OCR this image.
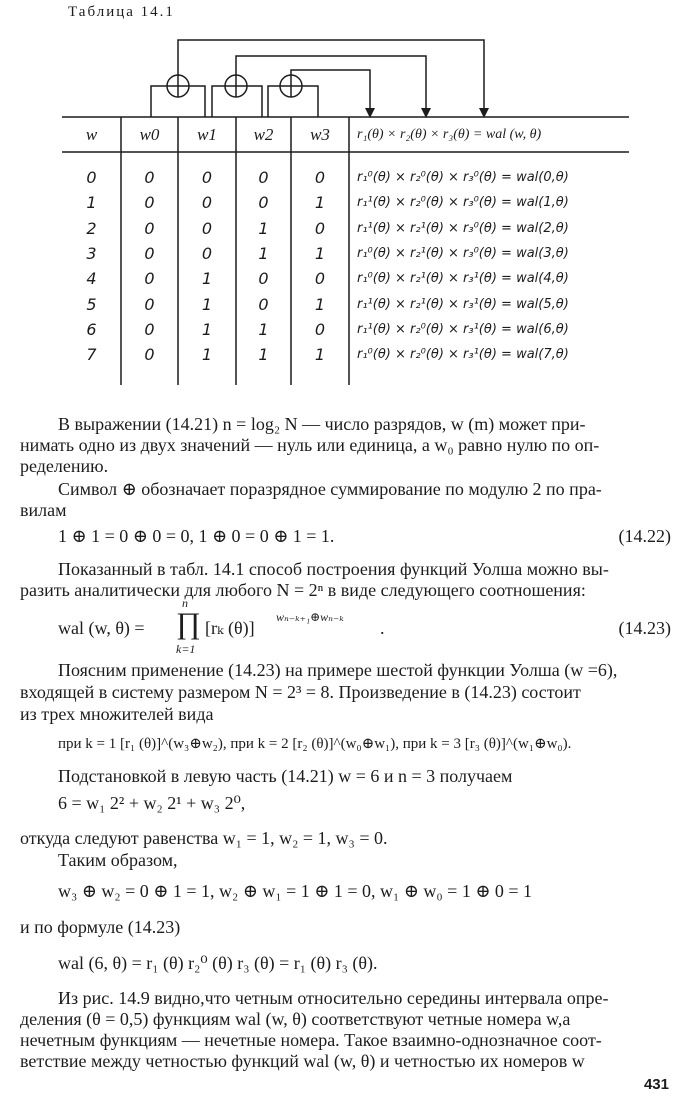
Таблица 14.1
w	w0	w1	w2	w3	r₁(θ) × r₂(θ) × r₃(θ) = wal (w, θ)
0	0	0	0	0	r₁⁰(θ) × r₂⁰(θ) × r₃⁰(θ) = wal(0,θ)
1	0	0	0	1	r₁¹(θ) × r₂⁰(θ) × r₃⁰(θ) = wal(1,θ)
2	0	0	1	0	r₁¹(θ) × r₂¹(θ) × r₃⁰(θ) = wal(2,θ)
3	0	0	1	1	r₁⁰(θ) × r₂¹(θ) × r₃⁰(θ) = wal(3,θ)
4	0	1	0	0	r₁⁰(θ) × r₂¹(θ) × r₃¹(θ) = wal(4,θ)
5	0	1	0	1	r₁¹(θ) × r₂¹(θ) × r₃¹(θ) = wal(5,θ)
6	0	1	1	0	r₁¹(θ) × r₂⁰(θ) × r₃¹(θ) = wal(6,θ)
7	0	1	1	1	r₁⁰(θ) × r₂⁰(θ) × r₃¹(θ) = wal(7,θ)
В выражении (14.21) n = log₂ N — число разрядов, w (m) может при-
нимать одно из двух значений — нуль или единица, а w₀ равно нулю по оп-
ределению.
Символ ⊕ обозначает поразрядное суммирование по модулю 2 по пра-
вилам
1 ⊕ 1 = 0 ⊕ 0 = 0, 1 ⊕ 0 = 0 ⊕ 1 = 1.	(14.22)
Показанный в табл. 14.1 способ построения функций Уолша можно вы-
разить аналитически для любого N = 2ⁿ в виде следующего соотношения:
wal (w, θ) = ∏
n
k=1
[rₖ (θ)]
wₙ₋ₖ₊₁⊕wₙ₋ₖ
.	(14.23)
Поясним применение (14.23) на примере шестой функции Уолша (w =6),
входящей в систему размером N = 2³ = 8. Произведение в (14.23) состоит
из трех множителей вида
при k = 1 [r₁ (θ)]^(w₃⊕w₂), при k = 2 [r₂ (θ)]^(w₀⊕w₁), при k = 3 [r₃ (θ)]^(w₁⊕w₀).
Подстановкой в левую часть (14.21) w = 6 и n = 3 получаем
6 = w₁ 2² + w₂ 2¹ + w₃ 2⁰,
откуда следуют равенства w₁ = 1, w₂ = 1, w₃ = 0.
Таким образом,
w₃ ⊕ w₂ = 0 ⊕ 1 = 1, w₂ ⊕ w₁ = 1 ⊕ 1 = 0, w₁ ⊕ w₀ = 1 ⊕ 0 = 1
и по формуле (14.23)
wal (6, θ) = r₁ (θ) r₂⁰ (θ) r₃ (θ) = r₁ (θ) r₃ (θ).
Из рис. 14.9 видно,что четным относительно середины интервала опре-
деления (θ = 0,5) функциям wal (w, θ) соответствуют четные номера w,а
нечетным функциям — нечетные номера. Такое взаимно-однозначное соот-
ветствие между четностью функций wal (w, θ) и четностью их номеров w
431
